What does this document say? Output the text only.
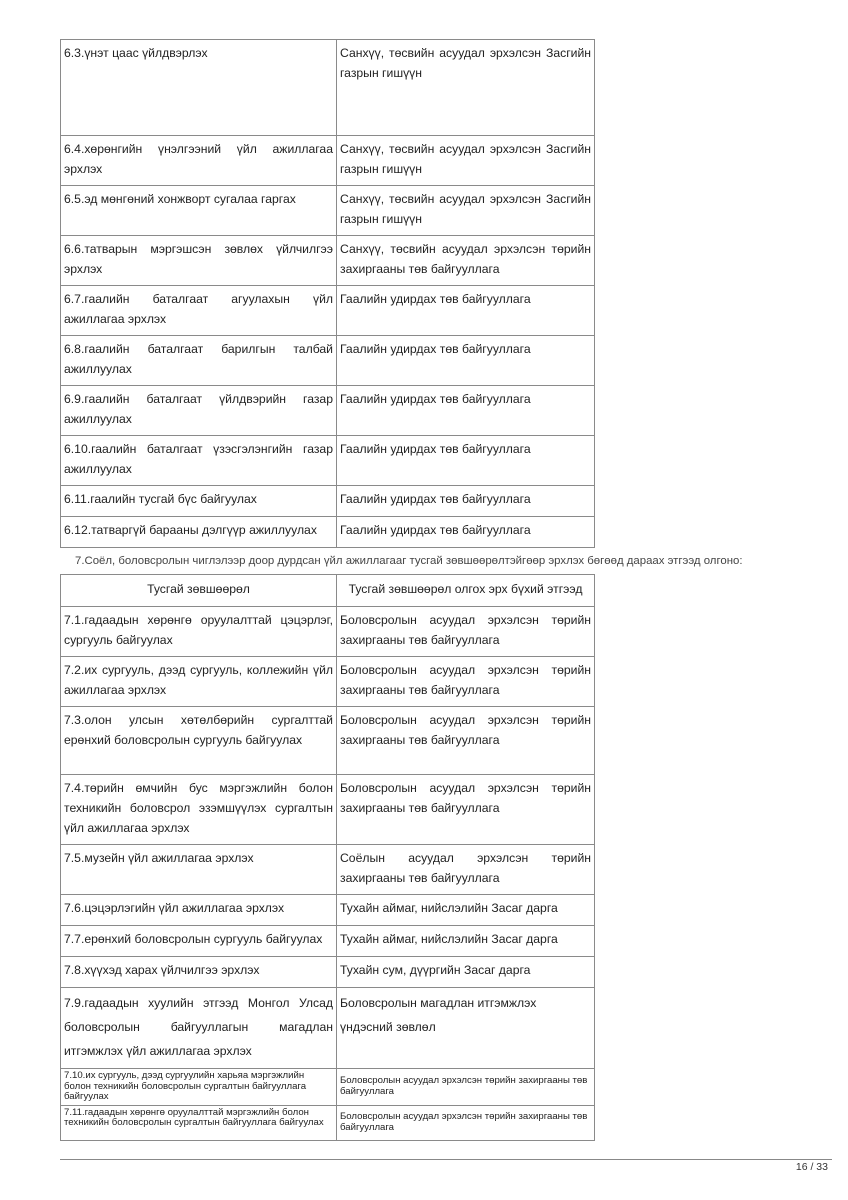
6.3.үнэт цаас үйлдвэрлэх	Санхүү, төсвийн асуудал эрхэлсэн Засгийн газрын гишүүн
6.4.хөрөнгийн үнэлгээний үйл ажиллагаа эрхлэх	Санхүү, төсвийн асуудал эрхэлсэн Засгийн газрын гишүүн
6.5.эд мөнгөний хонжворт сугалаа гаргах	Санхүү, төсвийн асуудал эрхэлсэн Засгийн газрын гишүүн
6.6.татварын мэргэшсэн зөвлөх үйлчилгээ эрхлэх	Санхүү, төсвийн асуудал эрхэлсэн төрийн захиргааны төв байгууллага
6.7.гаалийн баталгаат агуулахын үйл ажиллагаа эрхлэх	Гаалийн удирдах төв байгууллага
6.8.гаалийн баталгаат барилгын талбай ажиллуулах	Гаалийн удирдах төв байгууллага
6.9.гаалийн баталгаат үйлдвэрийн газар ажиллуулах	Гаалийн удирдах төв байгууллага
6.10.гаалийн баталгаат үзэсгэлэнгийн газар ажиллуулах	Гаалийн удирдах төв байгууллага
6.11.гаалийн тусгай бүс байгуулах	Гаалийн удирдах төв байгууллага
6.12.татваргүй барааны дэлгүүр ажиллуулах	Гаалийн удирдах төв байгууллага
7.Соёл, боловсролын чиглэлээр доор дурдсан үйл ажиллагааг тусгай зөвшөөрөлтэйгөөр эрхлэх бөгөөд дараах этгээд олгоно:
Тусгай зөвшөөрөл	Тусгай зөвшөөрөл олгох эрх бүхий этгээд
7.1.гадаадын хөрөнгө оруулалттай цэцэрлэг, сургууль байгуулах	Боловсролын асуудал эрхэлсэн төрийн захиргааны төв байгууллага
7.2.их сургууль, дээд сургууль, коллежийн үйл ажиллагаа эрхлэх	Боловсролын асуудал эрхэлсэн төрийн захиргааны төв байгууллага
7.3.олон улсын хөтөлбөрийн сургалттай ерөнхий боловсролын сургууль байгуулах	Боловсролын асуудал эрхэлсэн төрийн захиргааны төв байгууллага
7.4.төрийн өмчийн бус мэргэжлийн болон техникийн боловсрол эзэмшүүлэх сургалтын үйл ажиллагаа эрхлэх	Боловсролын асуудал эрхэлсэн төрийн захиргааны төв байгууллага
7.5.музейн үйл ажиллагаа эрхлэх	Соёлын асуудал эрхэлсэн төрийн захиргааны төв байгууллага
7.6.цэцэрлэгийн үйл ажиллагаа эрхлэх	Тухайн аймаг, нийслэлийн Засаг дарга
7.7.ерөнхий боловсролын сургууль байгуулах	Тухайн аймаг, нийслэлийн Засаг дарга
7.8.хүүхэд харах үйлчилгээ эрхлэх	Тухайн сум, дүүргийн Засаг дарга
7.9.гадаадын хуулийн этгээд Монгол Улсад боловсролын байгууллагын магадлан итгэмжлэх үйл ажиллагаа эрхлэх	Боловсролын магадлан итгэмжлэх үндэсний зөвлөл
7.10.их сургууль, дээд сургуулийн харьяа мэргэжлийн болон техникийн боловсролын сургалтын байгууллага байгуулах	Боловсролын асуудал эрхэлсэн төрийн захиргааны төв байгууллага
7.11.гадаадын хөрөнгө оруулалттай мэргэжлийн болон техникийн боловсролын сургалтын байгууллага байгуулах	Боловсролын асуудал эрхэлсэн төрийн захиргааны төв байгууллага
16 / 33
